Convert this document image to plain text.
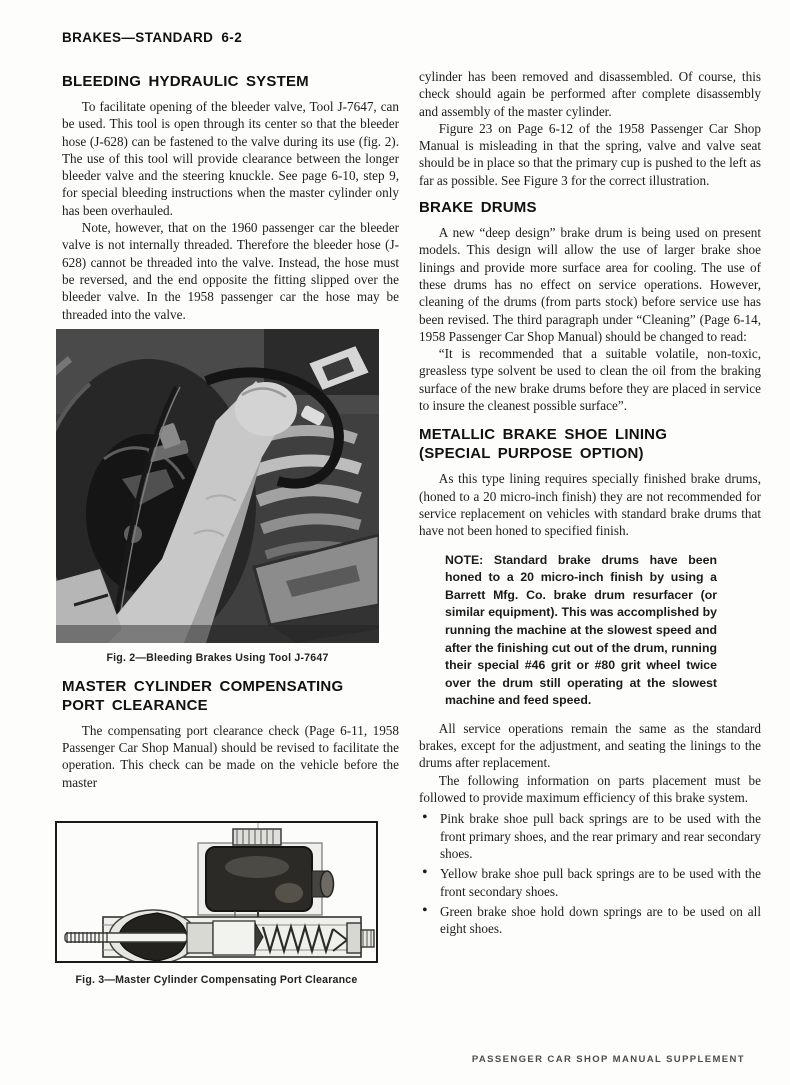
BRAKES—STANDARD 6-2
BLEEDING HYDRAULIC SYSTEM

To facilitate opening of the bleeder valve, Tool J-7647, can be used. This tool is open through its center so that the bleeder hose (J-628) can be fastened to the valve during its use (fig. 2). The use of this tool will provide clearance between the longer bleeder valve and the steering knuckle. See page 6-10, step 9, for special bleeding instructions when the master cylinder only has been overhauled.

Note, however, that on the 1960 passenger car the bleeder valve is not internally threaded. Therefore the bleeder hose (J-628) cannot be threaded into the valve. Instead, the hose must be reversed, and the end opposite the fitting slipped over the bleeder valve. In the 1958 passenger car the hose may be threaded into the valve.

Fig. 2—Bleeding Brakes Using Tool J-7647
MASTER CYLINDER COMPENSATING
PORT CLEARANCE

The compensating port clearance check (Page 6-11, 1958 Passenger Car Shop Manual) should be revised to facilitate the operation. This check can be made on the vehicle before the master

Fig. 3—Master Cylinder Compensating Port Clearance

cylinder has been removed and disassembled. Of course, this check should again be performed after complete disassembly and assembly of the master cylinder.

Figure 23 on Page 6-12 of the 1958 Passenger Car Shop Manual is misleading in that the spring, valve and valve seat should be in place so that the primary cup is pushed to the left as far as possible. See Figure 3 for the correct illustration.

BRAKE DRUMS

A new “deep design” brake drum is being used on present models. This design will allow the use of larger brake shoe linings and provide more surface area for cooling. The use of these drums has no effect on service operations. However, cleaning of the drums (from parts stock) before service use has been revised. The third paragraph under “Cleaning” (Page 6-14, 1958 Passenger Car Shop Manual) should be changed to read:

“It is recommended that a suitable volatile, non-toxic, greasless type solvent be used to clean the oil from the braking surface of the new brake drums before they are placed in service to insure the cleanest possible surface”.

METALLIC BRAKE SHOE LINING
(SPECIAL PURPOSE OPTION)

As this type lining requires specially finished brake drums, (honed to a 20 micro-inch finish) they are not recommended for service replacement on vehicles with standard brake drums that have not been honed to specified finish.

NOTE: Standard brake drums have been honed to a 20 micro-inch finish by using a Barrett Mfg. Co. brake drum resurfacer (or similar equipment). This was accomplished by running the machine at the slowest speed and after the finishing cut out of the drum, running their special #46 grit or #80 grit wheel twice over the drum still operating at the slowest machine and feed speed.

All service operations remain the same as the standard brakes, except for the adjustment, and seating the linings to the drums after replacement.

The following information on parts placement must be followed to provide maximum efficiency of this brake system.

• Pink brake shoe pull back springs are to be used with the front primary shoes, and the rear primary and rear secondary shoes.
• Yellow brake shoe pull back springs are to be used with the front secondary shoes.
• Green brake shoe hold down springs are to be used on all eight shoes.
PASSENGER CAR SHOP MANUAL SUPPLEMENT
